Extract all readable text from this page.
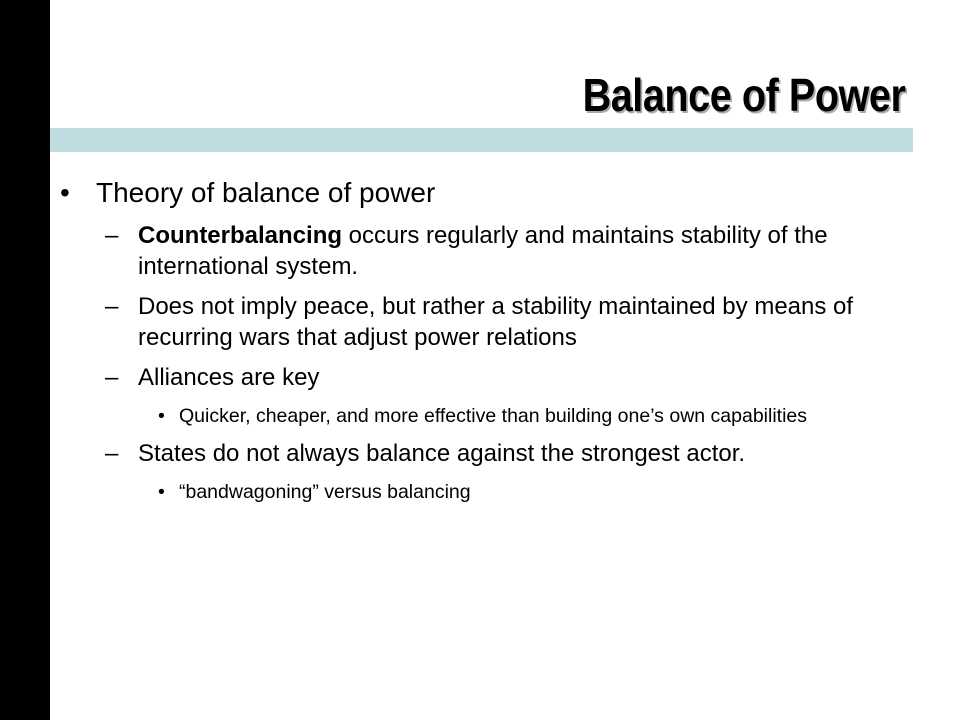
Balance of Power
• Theory of balance of power
– Counterbalancing occurs regularly and maintains stability of the international system.
– Does not imply peace, but rather a stability maintained by means of recurring wars that adjust power relations
– Alliances are key
• Quicker, cheaper, and more effective than building one’s own capabilities
– States do not always balance against the strongest actor.
• “bandwagoning” versus balancing
